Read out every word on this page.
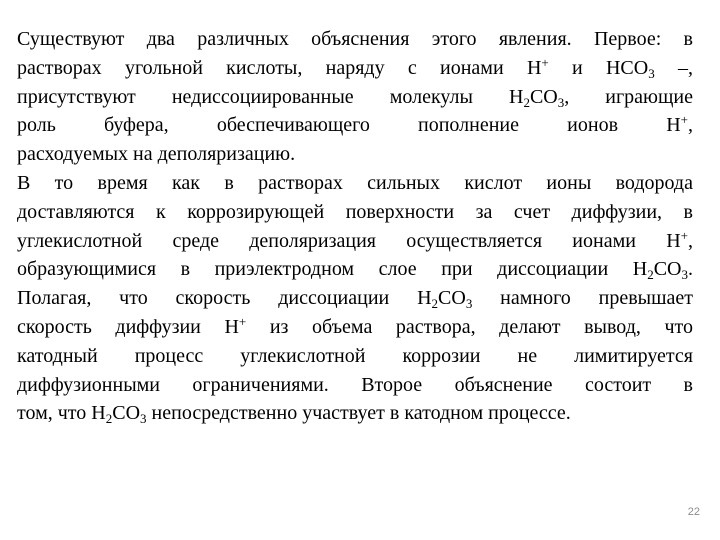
Существуют два различных объяснения этого явления. Первое: в
растворах угольной кислоты, наряду с ионами Н+ и $НСО_3$ –,
присутствуют недиссоциированные молекулы $Н_2СО_3$, играющие
роль буфера, обеспечивающего пополнение ионов Н+,
расходуемых на деполяризацию.

В то время как в растворах сильных кислот ионы водорода
доставляются к коррозирующей поверхности за счет диффузии, в
углекислотной среде деполяризация осуществляется ионами Н+,
образующимися в приэлектродном слое при диссоциации $Н_2СО_3$.
Полагая, что скорость диссоциации $Н_2СО_3$ намного превышает
скорость диффузии Н+ из объема раствора, делают вывод, что
катодный процесс углекислотной коррозии не лимитируется
диффузионными ограничениями. Второе объяснение состоит в
том, что $Н_2СО_3$ непосредственно участвует в катодном процессе.

22
